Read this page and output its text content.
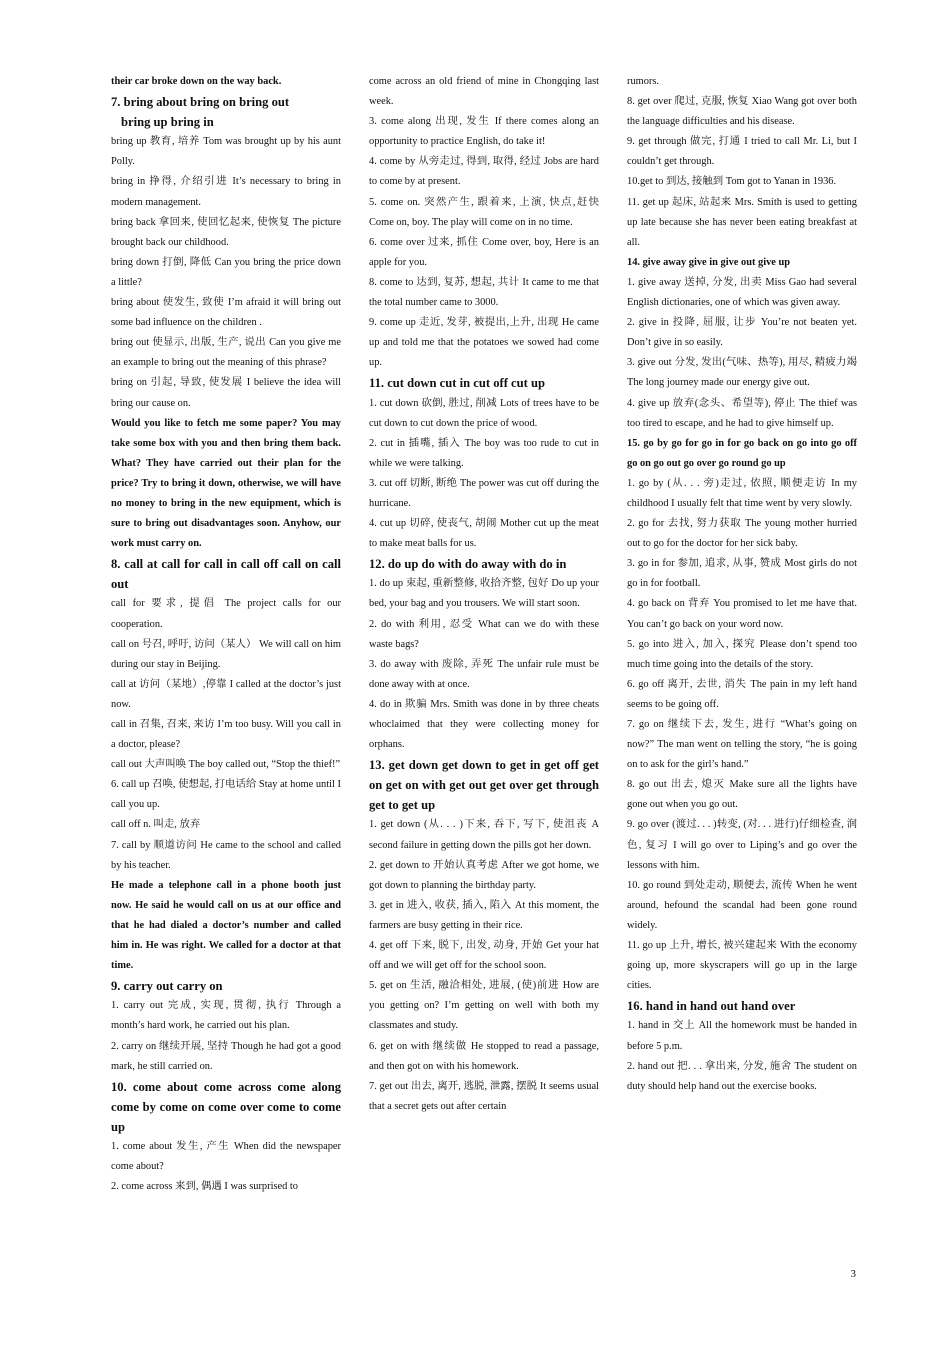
their car broke down on the way back.

7. bring about bring on bring out

bring up bring in

bring up 教育, 培养 Tom was brought up by his aunt Polly.

bring in 挣得, 介绍引进 It’s necessary to bring in modern management.

bring back 拿回来, 使回忆起来, 使恢复 The picture brought back our childhood.

bring down 打倒, 降低 Can you bring the price down a little?

bring about 使发生, 致使 I’m afraid it will bring out some bad influence on the children .

bring out 使显示, 出版, 生产, 说出 Can you give me an example to bring out the meaning of this phrase?

bring on 引起, 导致, 使发展 I believe the idea will bring our cause on.

Would you like to fetch me some paper? You may take some box with you and then bring them back. What? They have carried out their plan for the price? Try to bring it down, otherwise, we will have no money to bring in the new equipment, which is sure to bring out disadvantages soon. Anyhow, our work must carry on.

8. call at call for call in call off call on call out

call for 要求, 提倡 The project calls for our cooperation.

call on 号召, 呼吁, 访问（某人） We will call on him during our stay in Beijing.

call at 访问（某地）,停靠 I called at the doctor’s just now.

call in 召集, 召来, 来访 I’m too busy. Will you call in a doctor, please?

call out 大声叫唤 The boy called out, “Stop the thief!”

6. call up 召唤, 使想起, 打电话给 Stay at home until I call you up.

call off n. 叫走, 放弃

7. call by 顺道访问 He came to the school and called by his teacher.

He made a telephone call in a phone booth just now. He said he would call on us at our office and that he had dialed a doctor’s number and called him in. He was right. We called for a doctor at that time.

9. carry out carry on

1. carry out 完成, 实现, 贯彻, 执行 Through a month’s hard work, he carried out his plan.

2. carry on 继续开展, 坚持 Though he had got a good mark, he still carried on.

10. come about come across come along come by come on come over come to come up

1. come about 发生, 产生 When did the newspaper come about?

2. come across 来到, 偶遇 I was surprised to

come across an old friend of mine in Chongqing last week.

3. come along 出现, 发生 If there comes along an opportunity to practice English, do take it!

4. come by 从旁走过, 得到, 取得, 经过 Jobs are hard to come by at present.

5. come on. 突然产生, 跟着来, 上演, 快点,赶快 Come on, boy. The play will come on in no time.

6. come over 过来, 抓住 Come over, boy, Here is an apple for you.

8. come to 达到, 复苏, 想起, 共计 It came to me that the total number came to 3000.

9. come up 走近, 发芽, 被提出,上升, 出现 He came up and told me that the potatoes we sowed had come up.

11. cut down cut in cut off cut up

1. cut down 砍倒, 胜过, 削减 Lots of trees have to be cut down to cut down the price of wood.

2. cut in 插嘴, 插入 The boy was too rude to cut in while we were talking.

3. cut off 切断, 断绝 The power was cut off during the hurricane.

4. cut up 切碎, 使丧气, 胡闹 Mother cut up the meat to make meat balls for us.

12. do up do with do away with do in

1. do up 束起, 重新整修, 收拾齐整, 包好 Do up your bed, your bag and you trousers. We will start soon.

2. do with 利用, 忍受 What can we do with these waste bags?

3. do away with 废除, 弄死 The unfair rule must be done away with at once.

4. do in 欺骗 Mrs. Smith was done in by three cheats whoclaimed that they were collecting money for orphans.

13. get down get down to get in get off get on get on with get out get over get through get to get up

1. get down (从. . . )下来, 吞下, 写下, 使沮丧 A second failure in getting down the pills got her down.

2. get down to 开始认真考虑 After we got home, we got down to planning the birthday party.

3. get in 进入, 收获, 插入, 陷入 At this moment, the farmers are busy getting in their rice.

4. get off 下来, 脱下, 出发, 动身, 开始 Get your hat off and we will get off for the school soon.

5. get on 生活, 融洽相处, 进展, (使)前进 How are you getting on? I’m getting on well with both my classmates and study.

6. get on with 继续做 He stopped to read a passage, and then got on with his homework.

7. get out 出去, 离开, 逃脱, 泄露, 摆脱 It seems usual that a secret gets out after certain

rumors.

8. get over 爬过, 克服, 恢复 Xiao Wang got over both the language difficulties and his disease.

9. get through 做完, 打通 I tried to call Mr. Li, but I couldn’t get through.

10.get to 到达, 接触到 Tom got to Yanan in 1936.

11. get up 起床, 站起来 Mrs. Smith is used to getting up late because she has never been eating breakfast at all.

14. give away give in give out give up

1. give away 送掉, 分发, 出卖 Miss Gao had several English dictionaries, one of which was given away.

2. give in 投降, 屈服, 让步 You’re not beaten yet. Don’t give in so easily.

3. give out 分发, 发出(气味、热等), 用尽, 精疲力竭 The long journey made our energy give out.

4. give up 放弃(念头、希望等), 停止 The thief was too tired to escape, and he had to give himself up.

15. go by go for go in for go back on go into go off go on go out go over go round go up

1. go by (从. . . 旁)走过, 依照, 顺便走访 In my childhood I usually felt that time went by very slowly.

2. go for 去找, 努力获取 The young mother hurried out to go for the doctor for her sick baby.

3. go in for 参加, 追求, 从事, 赞成 Most girls do not go in for football.

4. go back on 背弃 You promised to let me have that. You can’t go back on your word now.

5. go into 进入, 加入, 探究 Please don’t spend too much time going into the details of the story.

6. go off 离开, 去世, 消失 The pain in my left hand seems to be going off.

7. go on 继续下去, 发生, 进行 “What’s going on now?” The man went on telling the story, “he is going on to ask for the girl’s hand.”

8. go out 出去, 熄灭 Make sure all the lights have gone out when you go out.

9. go over (渡过. . . )转变, (对. . . 进行)仔细检查, 润色, 复习 I will go over to Liping’s and go over the lessons with him.

10. go round 到处走动, 顺便去, 流传 When he went around, hefound the scandal had been gone round widely.

11. go up 上升, 增长, 被兴建起来 With the economy going up, more skyscrapers will go up in the large cities.

16. hand in hand out hand over

1. hand in 交上 All the homework must be handed in before 5 p.m.

2. hand out 把. . . 拿出来, 分发, 施舍 The student on duty should help hand out the exercise books.

3
